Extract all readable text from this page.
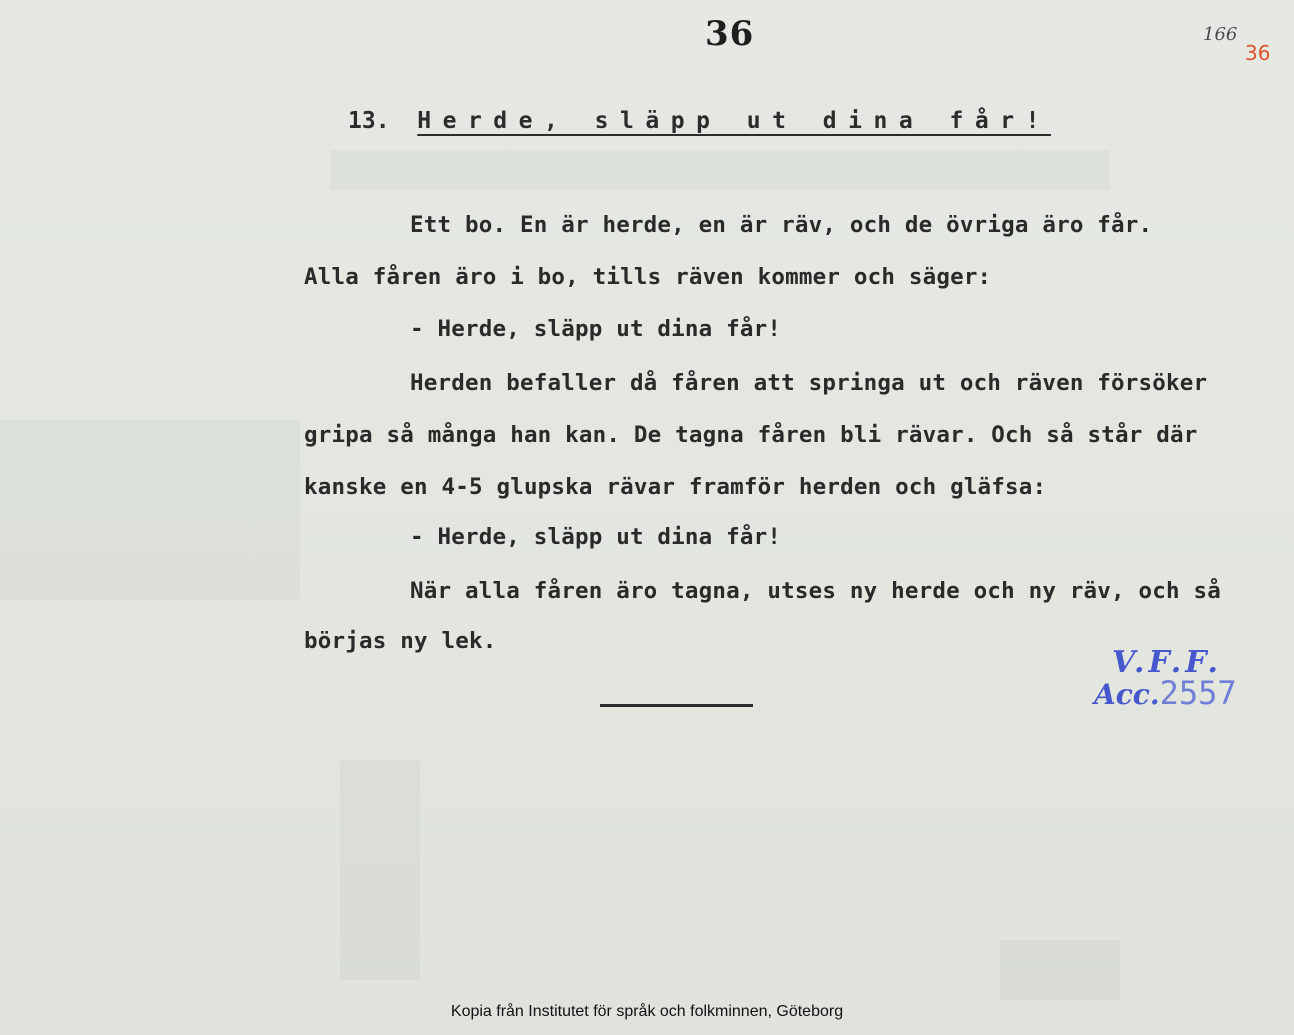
36	166
36
13. Herde, släpp ut dina får!
Ett bo. En är herde, en är räv, och de övriga äro får.
Alla fåren äro i bo, tills räven kommer och säger:
- Herde, släpp ut dina får!
Herden befaller då fåren att springa ut och räven försöker
gripa så många han kan. De tagna fåren bli rävar. Och så står där
kanske en 4-5 glupska rävar framför herden och gläfsa:
- Herde, släpp ut dina får!
När alla fåren äro tagna, utses ny herde och ny räv, och så
börjas ny lek.
V.F.F.
Acc.2557
Kopia från Institutet för språk och folkminnen, Göteborg
